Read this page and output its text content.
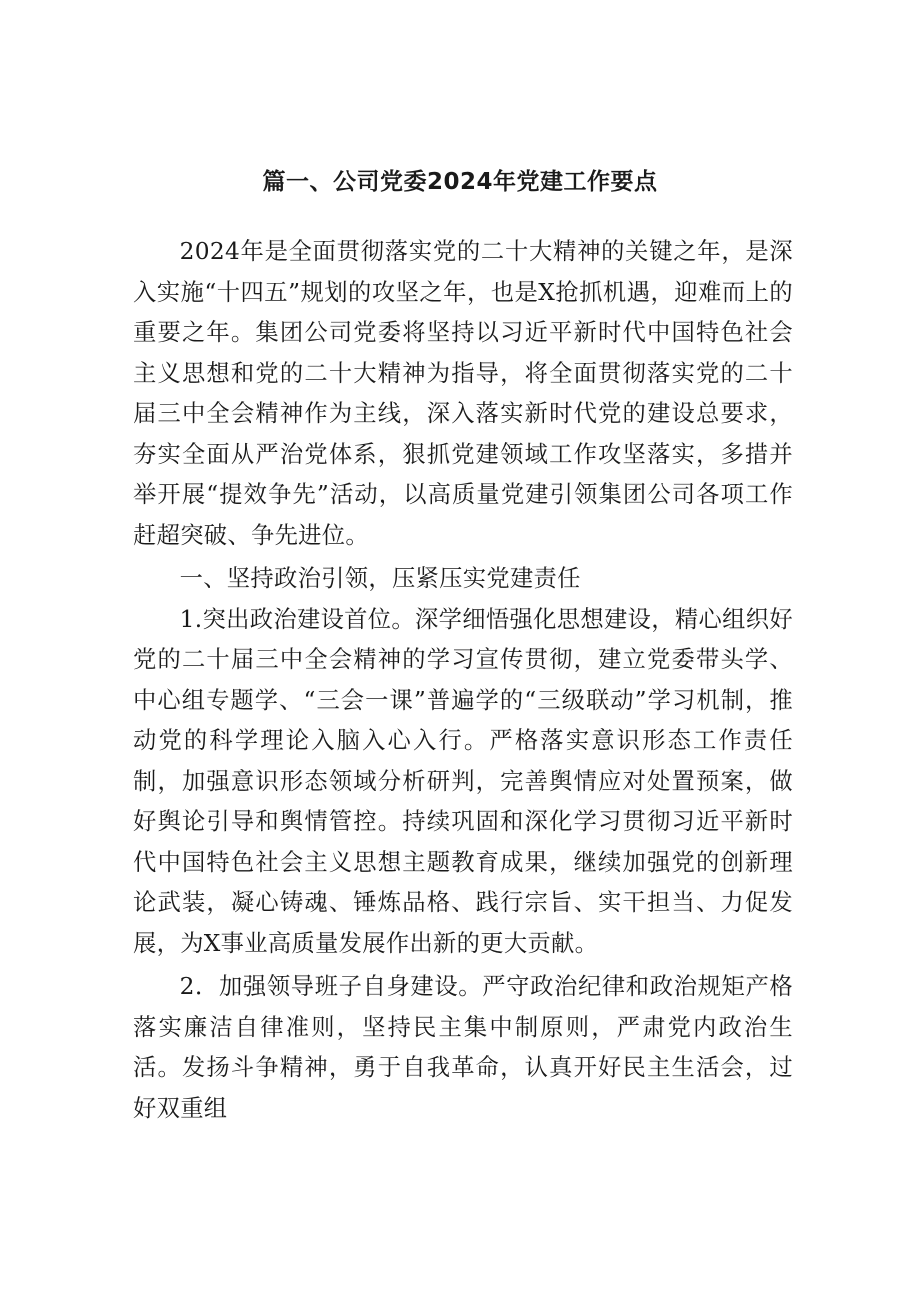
篇一、公司党委2024年党建工作要点

2024年是全面贯彻落实党的二十大精神的关键之年，是深入实施“十四五”规划的攻坚之年，也是X抢抓机遇，迎难而上的重要之年。集团公司党委将坚持以习近平新时代中国特色社会主义思想和党的二十大精神为指导，将全面贯彻落实党的二十届三中全会精神作为主线，深入落实新时代党的建设总要求，夯实全面从严治党体系，狠抓党建领域工作攻坚落实，多措并举开展“提效争先”活动，以高质量党建引领集团公司各项工作赶超突破、争先进位。

一、坚持政治引领，压紧压实党建责任

1.突出政治建设首位。深学细悟强化思想建设，精心组织好党的二十届三中全会精神的学习宣传贯彻，建立党委带头学、中心组专题学、“三会一课”普遍学的“三级联动”学习机制，推动党的科学理论入脑入心入行。严格落实意识形态工作责任制，加强意识形态领域分析研判，完善舆情应对处置预案，做好舆论引导和舆情管控。持续巩固和深化学习贯彻习近平新时代中国特色社会主义思想主题教育成果，继续加强党的创新理论武装，凝心铸魂、锤炼品格、践行宗旨、实干担当、力促发展，为X事业高质量发展作出新的更大贡献。

2．加强领导班子自身建设。严守政治纪律和政治规矩产格落实廉洁自律准则，坚持民主集中制原则，严肃党内政治生活。发扬斗争精神，勇于自我革命，认真开好民主生活会，过好双重组
